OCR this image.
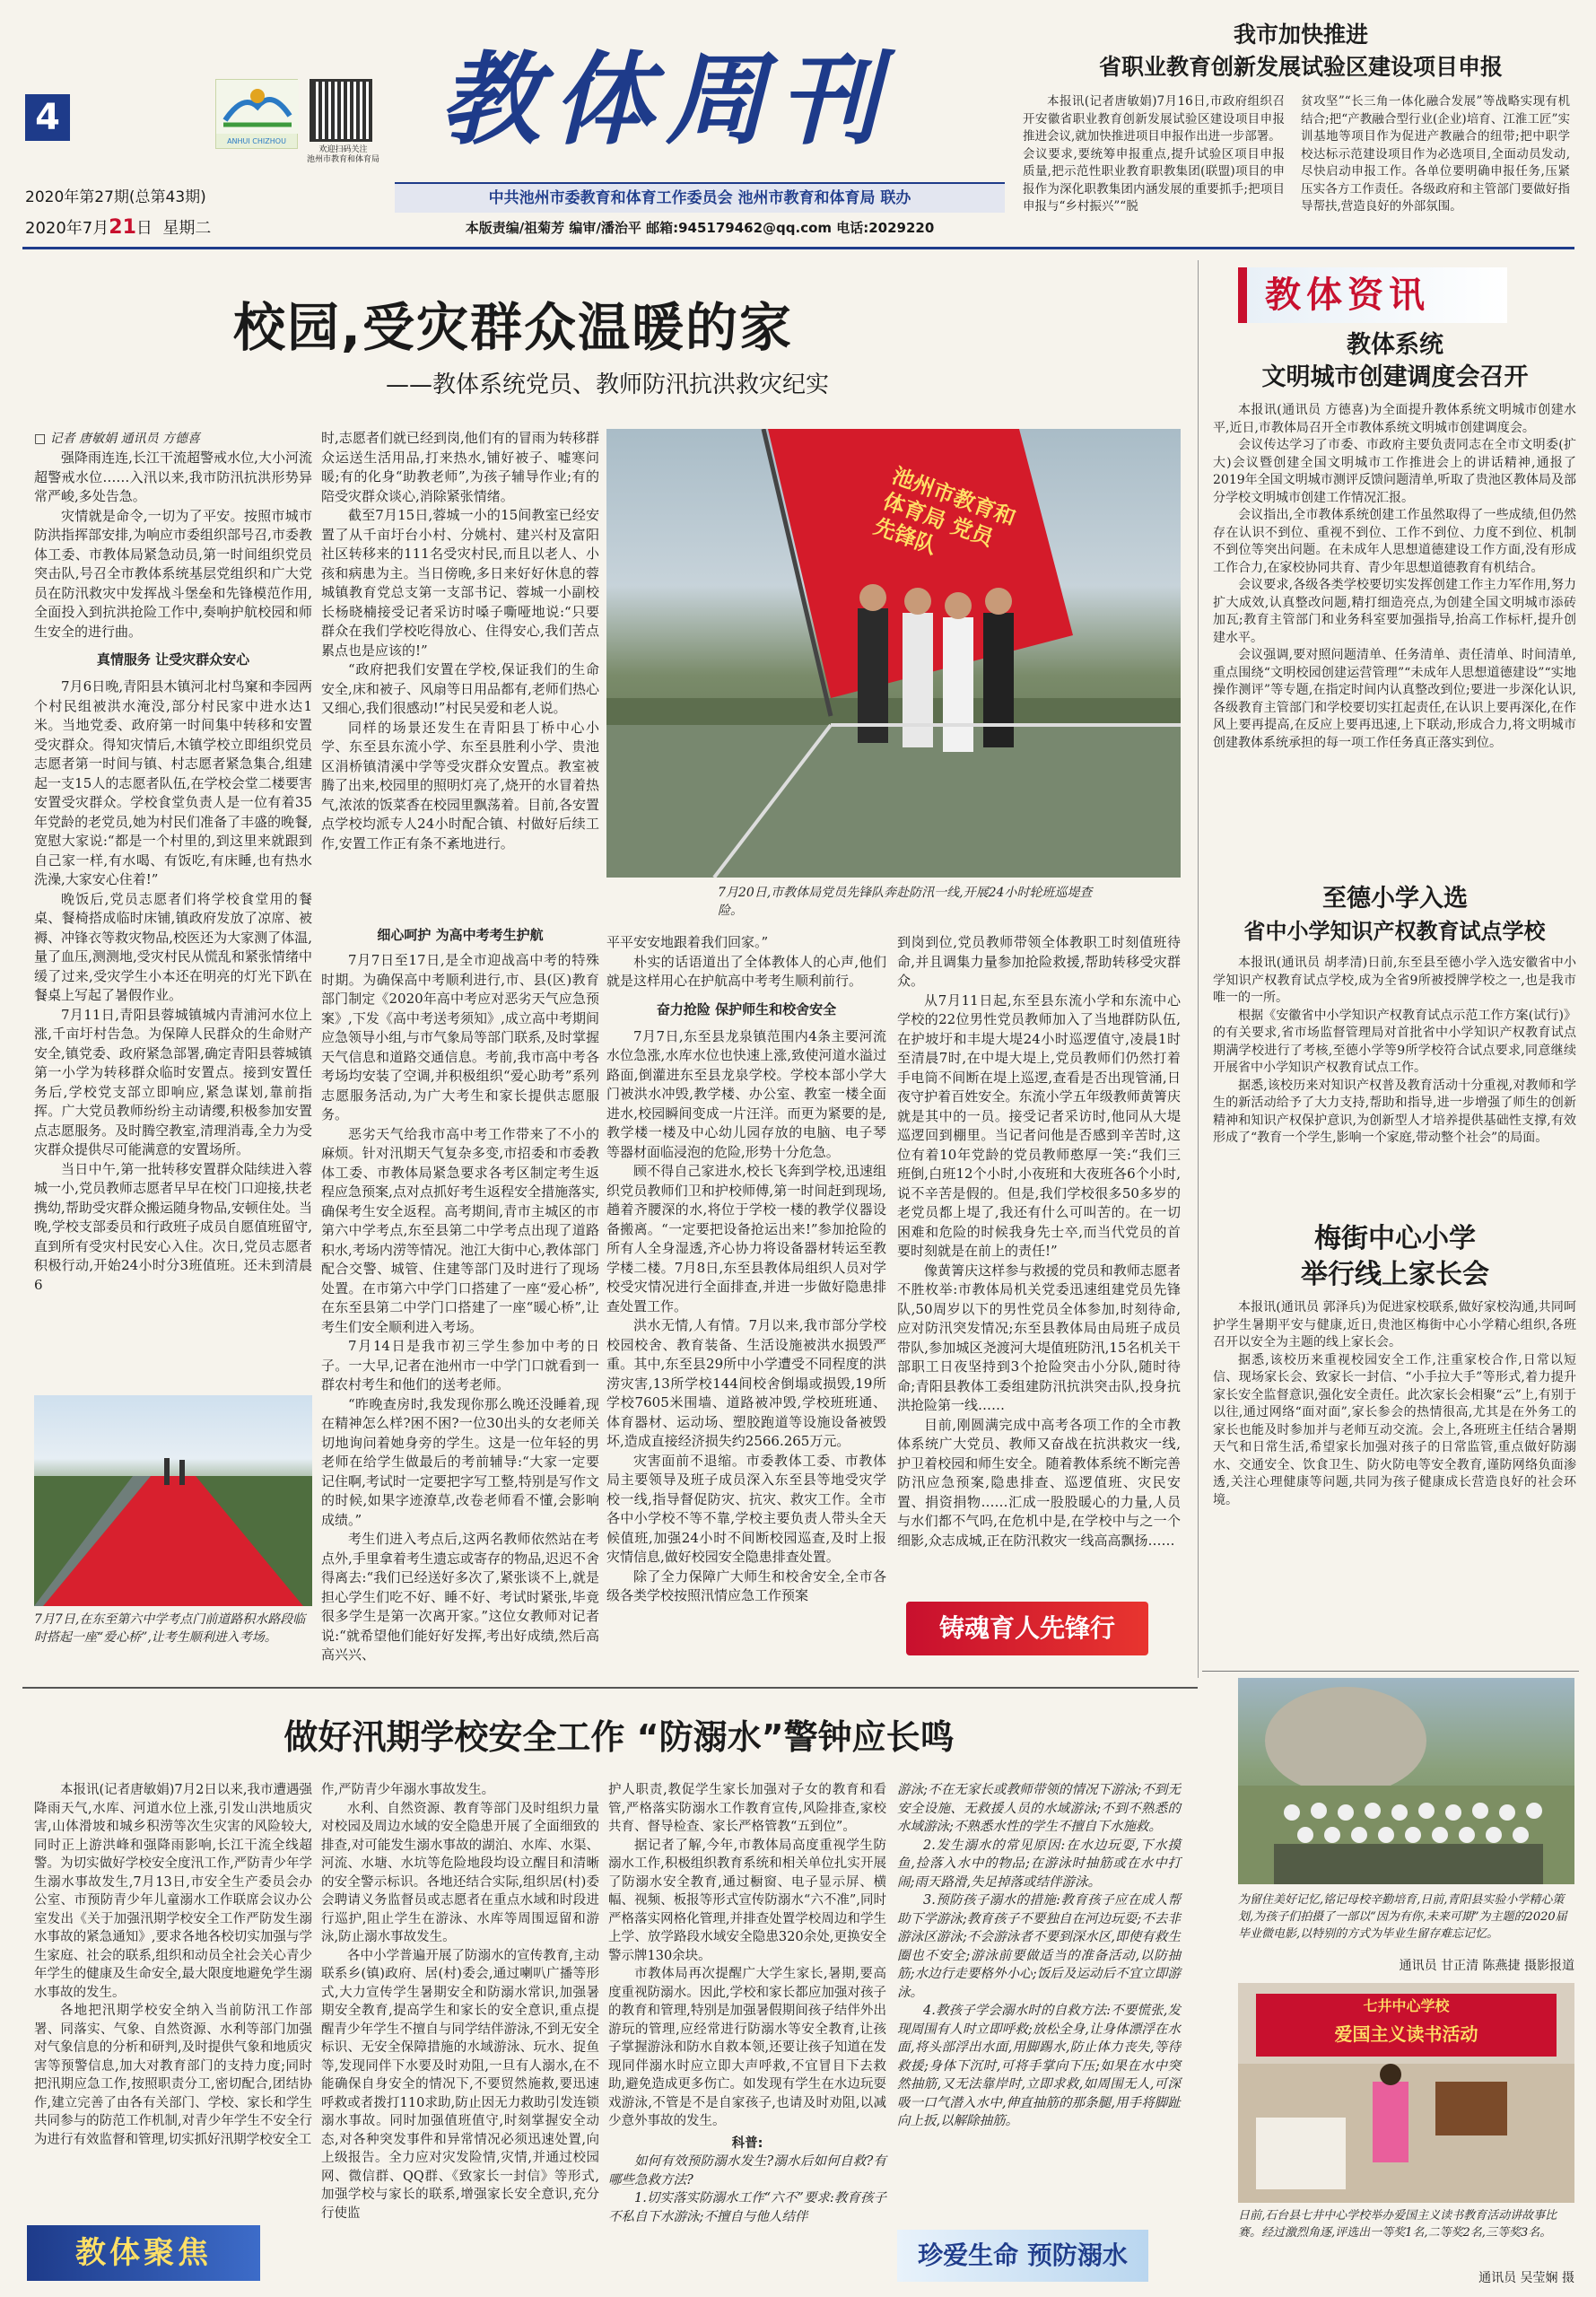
4
ANHUI CHIZHOU
欢迎扫码关注
池州市教育和体育局
教体周刊
2020年第27期(总第43期)
2020年7月21日 星期二
中共池州市委教育和体育工作委员会 池州市教育和体育局 联办
本版责编/祖菊芳 编审/潘治平 邮箱:945179462@qq.com 电话:2029220
我市加快推进
省职业教育创新发展试验区建设项目申报
本报讯(记者唐敏娟)7月16日,市政府组织召开安徽省职业教育创新发展试验区建设项目申报推进会议,就加快推进项目申报作出进一步部署。
会议要求,要统筹申报重点,提升试验区项目申报质量,把示范性职业教育职教集团(联盟)项目的申报作为深化职教集团内涵发展的重要抓手;把项目申报与“乡村振兴”“脱
贫攻坚”“长三角一体化融合发展”等战略实现有机结合;把“产教融合型行业(企业)培育、江淮工匠”实训基地等项目作为促进产教融合的纽带;把中职学校达标示范建设项目作为必选项目,全面动员发动,尽快启动申报工作。各单位要明确申报任务,压紧压实各方工作责任。各级政府和主管部门要做好指导帮扶,营造良好的外部氛围。
校园,受灾群众温暖的家
——教体系统党员、教师防汛抗洪救灾纪实
□ 记者 唐敏娟 通讯员 方德喜

强降雨连连,长江干流超警戒水位,大小河流超警戒水位……入汛以来,我市防汛抗洪形势异常严峻,多处告急。

灾情就是命令,一切为了平安。按照市城市防洪指挥部安排,为响应市委组织部号召,市委教体工委、市教体局紧急动员,第一时间组织党员突击队,号召全市教体系统基层党组织和广大党员在防汛救灾中发挥战斗堡垒和先锋模范作用,全面投入到抗洪抢险工作中,奏响护航校园和师生安全的进行曲。

真情服务 让受灾群众安心

7月6日晚,青阳县木镇河北村鸟窠和李园两个村民组被洪水淹没,部分村民家中进水达1米。当地党委、政府第一时间集中转移和安置受灾群众。得知灾情后,木镇学校立即组织党员志愿者第一时间与镇、村志愿者紧急集合,组建起一支15人的志愿者队伍,在学校会堂二楼要害安置受灾群众。学校食堂负责人是一位有着35年党龄的老党员,她为村民们准备了丰盛的晚餐,宽慰大家说:“都是一个村里的,到这里来就跟到自己家一样,有水喝、有饭吃,有床睡,也有热水洗澡,大家安心住着!”

晚饭后,党员志愿者们将学校食堂用的餐桌、餐椅搭成临时床铺,镇政府发放了凉席、被褥、冲锋衣等救灾物品,校医还为大家测了体温,量了血压,测测地,受灾村民从慌乱和紧张情绪中缓了过来,受灾学生小本还在明亮的灯光下趴在餐桌上写起了暑假作业。

7月11日,青阳县蓉城镇城内青浦河水位上涨,千亩圩村告急。为保障人民群众的生命财产安全,镇党委、政府紧急部署,确定青阳县蓉城镇第一小学为转移群众临时安置点。接到安置任务后,学校党支部立即响应,紧急谋划,靠前指挥。广大党员教师纷纷主动请缨,积极参加安置点志愿服务。及时腾空教室,清理消毒,全力为受灾群众提供尽可能满意的安置场所。

当日中午,第一批转移安置群众陆续进入蓉城一小,党员教师志愿者早早在校门口迎接,扶老携幼,帮助受灾群众搬运随身物品,安顿住处。当晚,学校支部委员和行政班子成员自愿值班留守,直到所有受灾村民安心入住。次日,党员志愿者积极行动,开始24小时分3班值班。还未到清晨6

时,志愿者们就已经到岗,他们有的冒雨为转移群众运送生活用品,打来热水,铺好被子、嘘寒问暖;有的化身“助教老师”,为孩子辅导作业;有的陪受灾群众谈心,消除紧张情绪。

截至7月15日,蓉城一小的15间教室已经安置了从千亩圩台小村、分姚村、建兴村及富阳社区转移来的111名受灾村民,而且以老人、小孩和病患为主。当日傍晚,多日来好好休息的蓉城镇教育党总支第一支部书记、蓉城一小副校长杨晓楠接受记者采访时嗓子嘶哑地说:“只要群众在我们学校吃得放心、住得安心,我们苦点累点也是应该的!”

“政府把我们安置在学校,保证我们的生命安全,床和被子、风扇等日用品都有,老师们热心又细心,我们很感动!”村民吴爱和老人说。

同样的场景还发生在青阳县丁桥中心小学、东至县东流小学、东至县胜利小学、贵池区涓桥镇清溪中学等受灾群众安置点。教室被腾了出来,校园里的照明灯亮了,烧开的水冒着热气,浓浓的饭菜香在校园里飘荡着。目前,各安置点学校均派专人24小时配合镇、村做好后续工作,安置工作正有条不紊地进行。

池州市教育和体育局 党员先锋队
7月20日,市教体局党员先锋队奔赴防汛一线,开展24小时轮班巡堤查险。
细心呵护 为高中考考生护航

7月7日至17日,是全市迎战高中考的特殊时期。为确保高中考顺利进行,市、县(区)教育部门制定《2020年高中考应对恶劣天气应急预案》,下发《高中考送考须知》,成立高中考期间应急领导小组,与市气象局等部门联系,及时掌握天气信息和道路交通信息。考前,我市高中考各考场均安装了空调,并积极组织“爱心助考”系列志愿服务活动,为广大考生和家长提供志愿服务。

恶劣天气给我市高中考工作带来了不小的麻烦。针对汛期天气复杂多变,市招委和市委教体工委、市教体局紧急要求各考区制定考生返程应急预案,点对点抓好考生返程安全措施落实,确保考生安全返程。高考期间,青市主城区的市第六中学考点,东至县第二中学考点出现了道路积水,考场内涝等情况。池江大街中心,教体部门配合交警、城管、住建等部门及时进行了现场处置。在市第六中学门口搭建了一座“爱心桥”,在东至县第二中学门口搭建了一座“暖心桥”,让考生们安全顺利进入考场。

7月14日是我市初三学生参加中考的日子。一大早,记者在池州市一中学门口就看到一群农村考生和他们的送考老师。

“昨晚查房时,我发现你那么晚还没睡着,现在精神怎么样?困不困?一位30出头的女老师关切地询问着她身旁的学生。这是一位年轻的男老师在给学生做最后的考前辅导:“大家一定要记住啊,考试时一定要把字写工整,特别是写作文的时候,如果字迹潦草,改卷老师看不懂,会影响成绩。”

考生们进入考点后,这两名教师依然站在考点外,手里拿着考生遗忘或寄存的物品,迟迟不舍得离去:“我们已经送好多次了,紧张谈不上,就是担心学生们吃不好、睡不好、考试时紧张,毕竟很多学生是第一次离开家。”这位女教师对记者说:“就希望他们能好好发挥,考出好成绩,然后高高兴兴、

平平安安地跟着我们回家。”

朴实的话语道出了全体教体人的心声,他们就是这样用心在护航高中考考生顺利前行。

奋力抢险 保护师生和校舍安全

7月7日,东至县龙泉镇范围内4条主要河流水位急涨,水库水位也快速上涨,致使河道水溢过路面,倒灌进东至县龙泉学校。学校本部小学大门被洪水冲毁,教学楼、办公室、教室一楼全面进水,校园瞬间变成一片汪洋。而更为紧要的是,教学楼一楼及中心幼儿园存放的电脑、电子琴等器材面临浸泡的危险,形势十分危急。

顾不得自己家进水,校长飞奔到学校,迅速组织党员教师们卫和护校师傅,第一时间赶到现场,趟着齐腰深的水,将位于学校一楼的教学仪器设备搬离。“一定要把设备抢运出来!”参加抢险的所有人全身湿透,齐心协力将设备器材转运至教学楼二楼。7月8日,东至县教体局组织人员对学校受灾情况进行全面排查,并进一步做好隐患排查处置工作。

洪水无情,人有情。7月以来,我市部分学校校园校舍、教育装备、生活设施被洪水损毁严重。其中,东至县29所中小学遭受不同程度的洪涝灾害,13所学校144间校舍倒塌或损毁,19所学校7605米围墙、道路被冲毁,学校班班通、体育器材、运动场、塑胶跑道等设施设备被毁坏,造成直接经济损失约2566.265万元。

灾害面前不退缩。市委教体工委、市教体局主要领导及班子成员深入东至县等地受灾学校一线,指导督促防灾、抗灾、救灾工作。全市各中小学校不等不靠,学校主要负责人带头全天候值班,加强24小时不间断校园巡查,及时上报灾情信息,做好校园安全隐患排查处置。

除了全力保障广大师生和校舍安全,全市各级各类学校按照汛情应急工作预案

到岗到位,党员教师带领全体教职工时刻值班待命,并且调集力量参加抢险救援,帮助转移受灾群众。

从7月11日起,东至县东流小学和东流中心学校的22位男性党员教师加入了当地群防队伍,在护坡圩和丰堤大堤24小时巡逻值守,凌晨1时至清晨7时,在中堤大堤上,党员教师们仍然打着手电筒不间断在堤上巡逻,查看是否出现管涌,日夜守护着百姓安全。东流小学五年级教师黄箐庆就是其中的一员。接受记者采访时,他同从大堤巡逻回到棚里。当记者问他是否感到辛苦时,这位有着10年党龄的党员教师憨厚一笑:“我们三班倒,白班12个小时,小夜班和大夜班各6个小时,说不辛苦是假的。但是,我们学校很多50多岁的老党员都上堤了,我还有什么可叫苦的。在一切困难和危险的时候我身先士卒,而当代党员的首要时刻就是在前上的责任!”

像黄箐庆这样参与救援的党员和教师志愿者不胜枚举:市教体局机关党委迅速组建党员先锋队,50周岁以下的男性党员全体参加,时刻待命,应对防汛突发情况;东至县教体局由局班子成员带队,参加城区尧渡河大堤值班防汛,15名机关干部职工日夜坚持到3个抢险突击小分队,随时待命;青阳县教体工委组建防汛抗洪突击队,投身抗洪抢险第一线……

目前,刚圆满完成中高考各项工作的全市教体系统广大党员、教师又奋战在抗洪救灾一线,护卫着校园和师生安全。随着教体系统不断完善防汛应急预案,隐患排查、巡逻值班、灾民安置、捐资捐物……汇成一股股暖心的力量,人员与水们都不气吗,在危机中是,在学校中与之一个细影,众志成城,正在防汛救灾一线高高飘扬……

7月7日,在东至第六中学考点门前道路积水路段临时搭起一座“爱心桥”,让考生顺利进入考场。	铸魂育人先锋行
教体资讯
教体系统
文明城市创建调度会召开

本报讯(通讯员 方德喜)为全面提升教体系统文明城市创建水平,近日,市教体局召开全市教体系统文明城市创建调度会。

会议传达学习了市委、市政府主要负责同志在全市文明委(扩大)会议暨创建全国文明城市工作推进会上的讲话精神,通报了2019年全国文明城市测评反馈问题清单,听取了贵池区教体局及部分学校文明城市创建工作情况汇报。

会议指出,全市教体系统创建工作虽然取得了一些成绩,但仍然存在认识不到位、重视不到位、工作不到位、力度不到位、机制不到位等突出问题。在未成年人思想道德建设工作方面,没有形成工作合力,在家校协同共育、青少年思想道德教育有机结合。

会议要求,各级各类学校要切实发挥创建工作主力军作用,努力扩大成效,认真整改问题,精打细造亮点,为创建全国文明城市添砖加瓦;教育主管部门和业务科室要加强指导,抬高工作标杆,提升创建水平。

会议强调,要对照问题清单、任务清单、责任清单、时间清单,重点围绕“文明校园创建运营管理”“未成年人思想道德建设”“实地操作测评”等专题,在指定时间内认真整改到位;要进一步深化认识,各级教育主管部门和学校要切实扛起责任,在认识上要再深化,在作风上要再提高,在反应上要再迅速,上下联动,形成合力,将文明城市创建教体系统承担的每一项工作任务真正落实到位。

至德小学入选
省中小学知识产权教育试点学校

本报讯(通讯员 胡孝清)日前,东至县至德小学入选安徽省中小学知识产权教育试点学校,成为全省9所被授牌学校之一,也是我市唯一的一所。

根据《安徽省中小学知识产权教育试点示范工作方案(试行)》的有关要求,省市场监督管理局对首批省中小学知识产权教育试点期满学校进行了考核,至德小学等9所学校符合试点要求,同意继续开展省中小学知识产权教育试点工作。

据悉,该校历来对知识产权普及教育活动十分重视,对教师和学生的新活动给予了大力支持,帮助和指导,进一步增强了师生的创新精神和知识产权保护意识,为创新型人才培养提供基础性支撑,有效形成了“教育一个学生,影响一个家庭,带动整个社会”的局面。

梅街中心小学
举行线上家长会

本报讯(通讯员 郭泽兵)为促进家校联系,做好家校沟通,共同呵护学生暑期平安与健康,近日,贵池区梅街中心小学精心组织,各班召开以安全为主题的线上家长会。

据悉,该校历来重视校园安全工作,注重家校合作,日常以短信、现场家长会、致家长一封信、“小手拉大手”等形式,着力提升家长安全监督意识,强化安全责任。此次家长会相聚“云”上,有别于以往,通过网络“面对面”,家长参会的热情很高,尤其是在外务工的家长也能及时参加并与老师互动交流。会上,各班班主任结合暑期天气和日常生活,希望家长加强对孩子的日常监管,重点做好防溺水、交通安全、饮食卫生、防火防电等安全教育,谨防网络负面渗透,关注心理健康等问题,共同为孩子健康成长营造良好的社会环境。

为留住美好记忆,铭记母校辛勤培育,日前,青阳县实验小学精心策划,为孩子们拍摄了一部以“因为有你,未来可期”为主题的2020届毕业微电影,以特别的方式为毕业生留存难忘记忆。
通讯员 甘正清 陈燕捷 摄影报道
七井中心学校
爱国主义读书活动
日前,石台县七井中心学校举办爱国主义读书教育活动讲故事比赛。经过激烈角逐,评选出一等奖1名,二等奖2名,三等奖3名。
通讯员 吴莹娴 摄
做好汛期学校安全工作 “防溺水”警钟应长鸣

本报讯(记者唐敏娟)7月2日以来,我市遭遇强降雨天气,水库、河道水位上涨,引发山洪地质灾害,山体滑坡和城乡积涝等次生灾害的风险较大,同时正上游洪峰和强降雨影响,长江干流全线超警。为切实做好学校安全度汛工作,严防青少年学生溺水事故发生,7月13日,市安全生产委员会办公室、市预防青少年儿童溺水工作联席会议办公室发出《关于加强汛期学校安全工作严防发生溺水事故的紧急通知》,要求各地各校切实加强与学生家庭、社会的联系,组织和动员全社会关心青少年学生的健康及生命安全,最大限度地避免学生溺水事故的发生。

各地把汛期学校安全纳入当前防汛工作部署、同落实、气象、自然资源、水利等部门加强对气象信息的分析和研判,及时提供气象和地质灾害等预警信息,加大对教育部门的支持力度;同时把汛期应急工作,按照职责分工,密切配合,团结协作,建立完善了由各有关部门、学校、家长和学生共同参与的防范工作机制,对青少年学生不安全行为进行有效监督和管理,切实抓好汛期学校安全工

作,严防青少年溺水事故发生。

水利、自然资源、教育等部门及时组织力量对校园及周边水域的安全隐患开展了全面细致的排查,对可能发生溺水事故的湖泊、水库、水渠、河流、水塘、水坑等危险地段均设立醒目和清晰的安全警示标识。各地还结合实际,组织居(村)委会聘请义务监督员或志愿者在重点水域和时段进行巡护,阻止学生在游泳、水库等周围逗留和游泳,防止溺水事故发生。

各中小学普遍开展了防溺水的宣传教育,主动联系乡(镇)政府、居(村)委会,通过喇叭广播等形式,大力宣传学生暑期安全和防溺水常识,加强暑期安全教育,提高学生和家长的安全意识,重点提醒青少年学生不擅自与同学结伴游泳,不到无安全标识、无安全保障措施的水域游泳、玩水、捉鱼等,发现同伴下水要及时劝阻,一旦有人溺水,在不能确保自身安全的情况下,不要贸然施救,要迅速呼救或者拨打110求助,防止因无力救助引发连锁溺水事故。同时加强值班值守,时刻掌握安全动态,对各种突发事件和异常情况必须迅速处置,向上级报告。全力应对灾发险情,灾情,并通过校园网、微信群、QQ群、《致家长一封信》等形式,加强学校与家长的联系,增强家长安全意识,充分行使监

护人职责,教促学生家长加强对子女的教育和看管,严格落实防溺水工作教育宣传,风险排查,家校共育、督导检查、家长严格管教“五到位”。

据记者了解,今年,市教体局高度重视学生防溺水工作,积极组织教育系统和相关单位扎实开展了防溺水安全教育,通过橱窗、电子显示屏、横幅、视频、板报等形式宣传防溺水“六不准”,同时严格落实网格化管理,并排查处置学校周边和学生上学、放学路段水域安全隐患320余处,更换安全警示牌130余块。

市教体局再次提醒广大学生家长,暑期,要高度重视防溺水。因此,学校和家长都应加强对孩子的教育和管理,特别是加强暑假期间孩子结伴外出游玩的管理,应经常进行防溺水等安全教育,让孩子掌握游泳和防水自救本领,还要让孩子知道在发现同伴溺水时应立即大声呼救,不宜冒目下去救助,避免造成更多伤亡。如发现有学生在水边玩耍戏游泳,不管是不是自家孩子,也请及时劝阻,以减少意外事故的发生。

科普:

如何有效预防溺水发生?溺水后如何自救?有哪些急救方法?

1.切实落实防溺水工作“六不”要求:教育孩子不私自下水游泳;不擅自与他人结伴

游泳;不在无家长或教师带领的情况下游泳;不到无安全设施、无救援人员的水域游泳;不到不熟悉的水域游泳;不熟悉水性的学生不擅自下水施救。

2.发生溺水的常见原因:在水边玩耍,下水摸鱼,捡落入水中的物品;在游泳时抽筋或在水中打闹;雨天路滑,失足掉落或结伴游泳。

3.预防孩子溺水的措施:教育孩子应在成人帮助下学游泳;教育孩子不要独自在河边玩耍;不去非游泳区游泳;不会游泳者不要到深水区,即使有救生圈也不安全;游泳前要做适当的准备活动,以防抽筋;水边行走要格外小心;饭后及运动后不宜立即游泳。

4.教孩子学会溺水时的自救方法:不要慌张,发现周围有人时立即呼救;放松全身,让身体漂浮在水面,将头部浮出水面,用脚踢水,防止体力丧失,等待救援;身体下沉时,可将手掌向下压;如果在水中突然抽筋,又无法靠岸时,立即求救,如周围无人,可深吸一口气潜入水中,伸直抽筋的那条腿,用手将脚趾向上扳,以解除抽筋。

教体聚焦	珍爱生命 预防溺水
